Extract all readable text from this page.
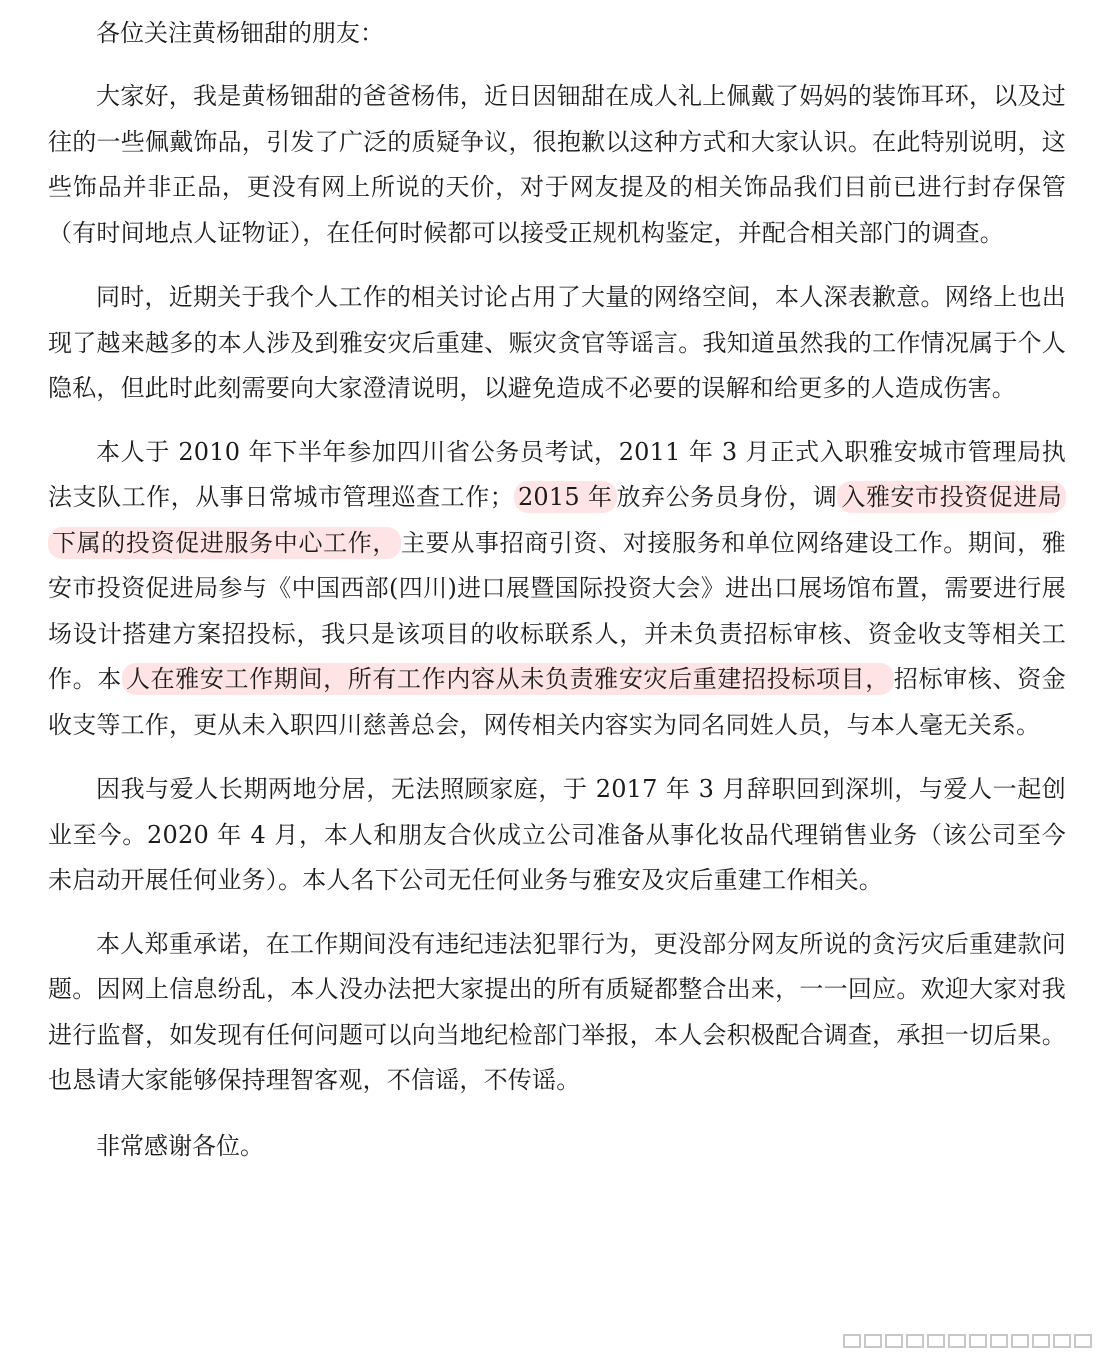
各位关注黄杨钿甜的朋友：

大家好，我是黄杨钿甜的爸爸杨伟，近日因钿甜在成人礼上佩戴了妈妈的装饰耳环，以及过往的一些佩戴饰品，引发了广泛的质疑争议，很抱歉以这种方式和大家认识。在此特别说明，这些饰品并非正品，更没有网上所说的天价，对于网友提及的相关饰品我们目前已进行封存保管（有时间地点人证物证），在任何时候都可以接受正规机构鉴定，并配合相关部门的调查。

同时，近期关于我个人工作的相关讨论占用了大量的网络空间，本人深表歉意。网络上也出现了越来越多的本人涉及到雅安灾后重建、赈灾贪官等谣言。我知道虽然我的工作情况属于个人隐私，但此时此刻需要向大家澄清说明，以避免造成不必要的误解和给更多的人造成伤害。

本人于 2010 年下半年参加四川省公务员考试，2011 年 3 月正式入职雅安城市管理局执法支队工作，从事日常城市管理巡查工作； 2015 年 放弃公务员身份，调 入雅安市投资促进局下属的投资促进服务中心工作， 主要从事招商引资、对接服务和单位网络建设工作。期间，雅安市投资促进局参与《中国西部(四川)进口展暨国际投资大会》进出口展场馆布置，需要进行展场设计搭建方案招投标，我只是该项目的收标联系人，并未负责招标审核、资金收支等相关工作。本 人在雅安工作期间，所有工作内容从未负责雅安灾后重建招投标项目， 招标审核、资金收支等工作，更从未入职四川慈善总会，网传相关内容实为同名同姓人员，与本人毫无关系。

因我与爱人长期两地分居，无法照顾家庭，于 2017 年 3 月辞职回到深圳，与爱人一起创业至今。2020 年 4 月，本人和朋友合伙成立公司准备从事化妆品代理销售业务（该公司至今未启动开展任何业务）。本人名下公司无任何业务与雅安及灾后重建工作相关。

本人郑重承诺，在工作期间没有违纪违法犯罪行为，更没部分网友所说的贪污灾后重建款问题。因网上信息纷乱，本人没办法把大家提出的所有质疑都整合出来，一一回应。欢迎大家对我进行监督，如发现有任何问题可以向当地纪检部门举报，本人会积极配合调查，承担一切后果。也恳请大家能够保持理智客观，不信谣，不传谣。

非常感谢各位。
